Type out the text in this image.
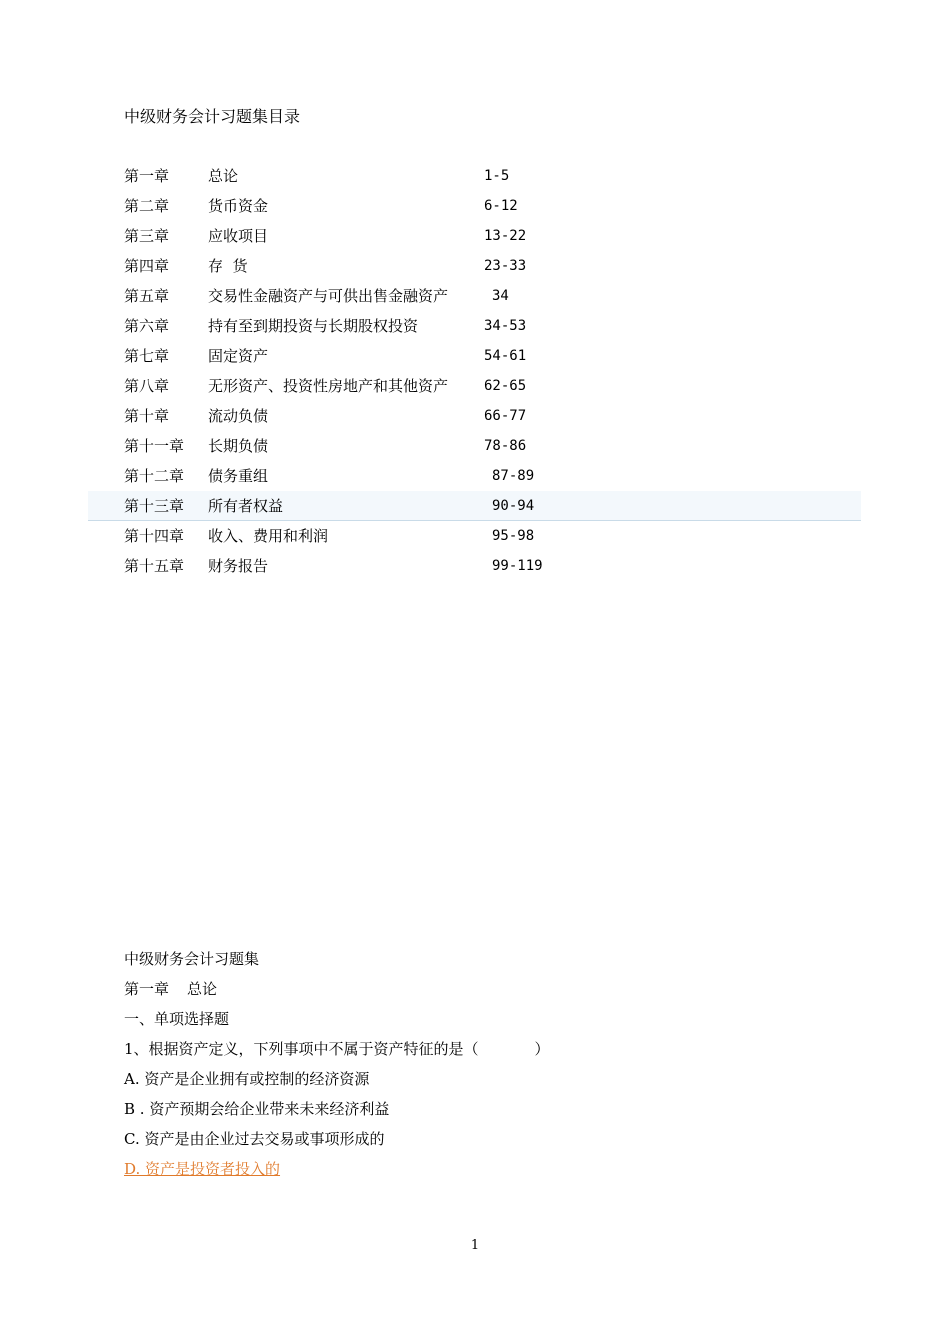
中级财务会计习题集目录
第一章	总论	1-5
第二章	货币资金	6-12
第三章	应收项目	13-22
第四章	存  货	23-33
第五章	交易性金融资产与可供出售金融资产	34
第六章	持有至到期投资与长期股权投资	34-53
第七章	固定资产	54-61
第八章	无形资产、投资性房地产和其他资产	62-65
第十章	流动负债	66-77
第十一章 长期负债	78-86
第十二章 债务重组	87-89
第十三章 所有者权益	90-94
第十四章 收入、费用和利润	95-98
第十五章 财务报告	99-119
中级财务会计习题集
第一章 总论
一、单项选择题
1、根据资产定义，下列事项中不属于资产特征的是（	）
A. 资产是企业拥有或控制的经济资源
B . 资产预期会给企业带来未来经济利益
C. 资产是由企业过去交易或事项形成的
D. 资产是投资者投入的
1
